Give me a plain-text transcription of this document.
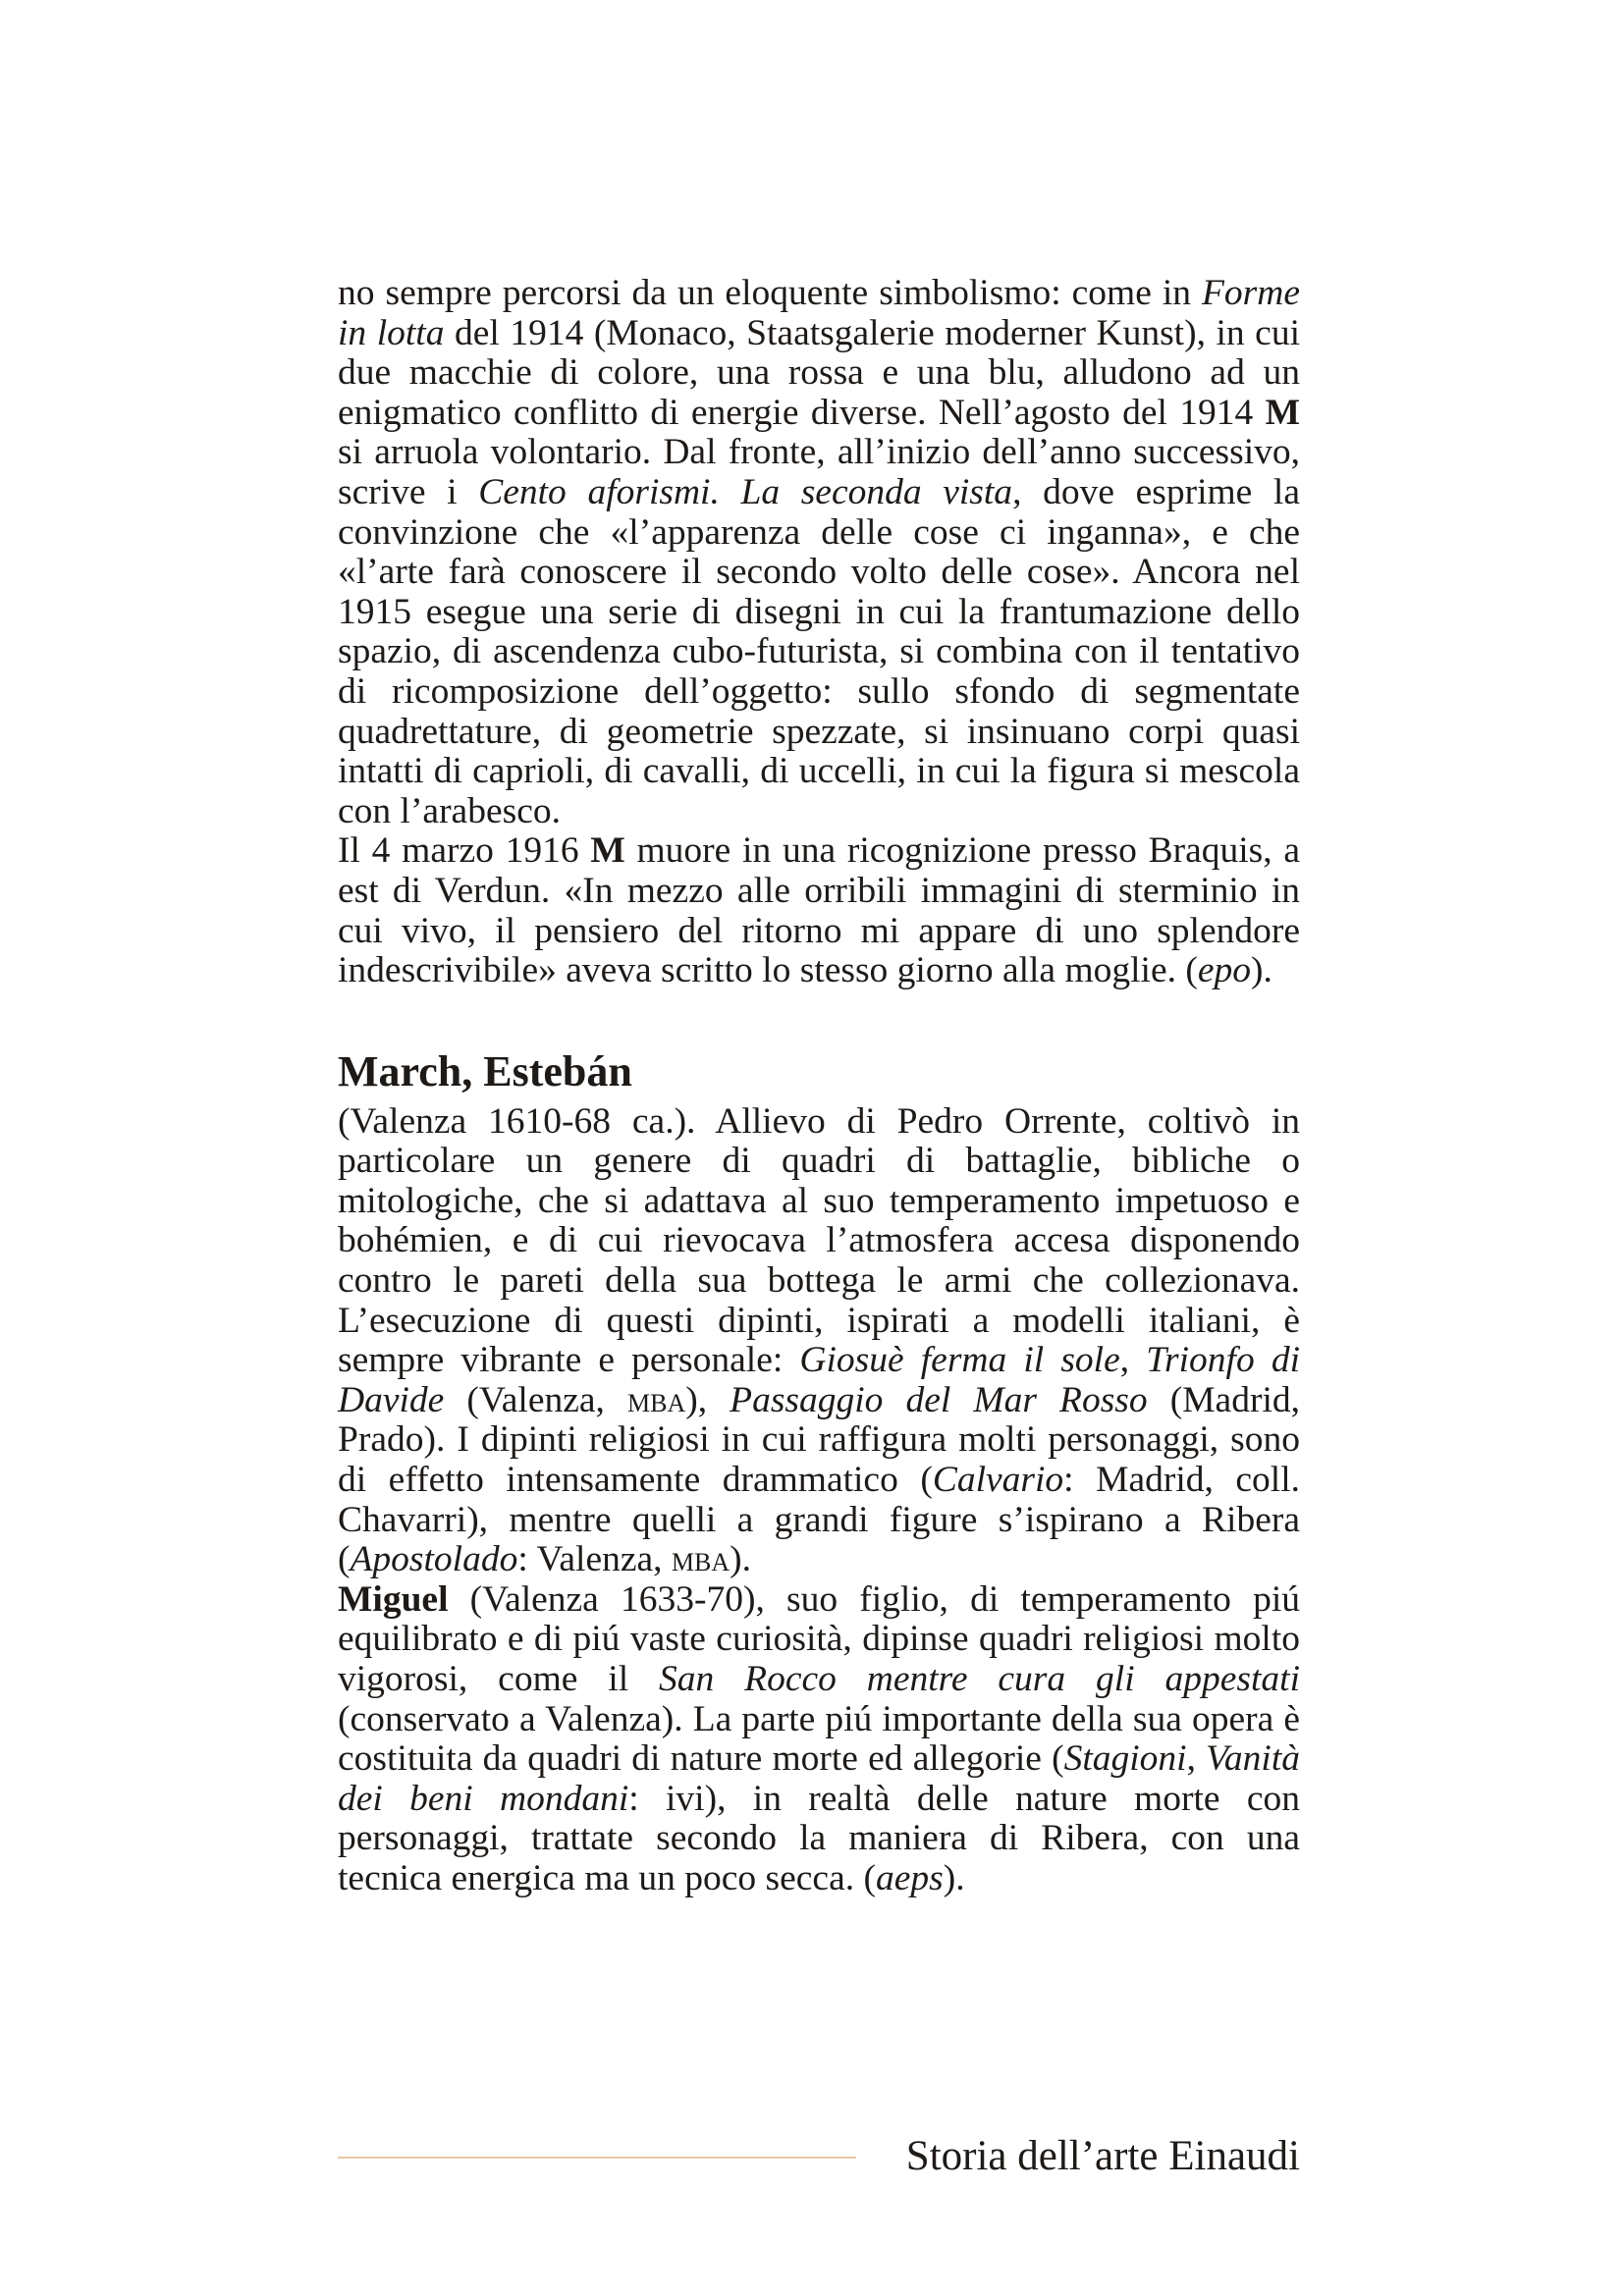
no sempre percorsi da un eloquente simbolismo: come in Forme in lotta del 1914 (Monaco, Staatsgalerie moderner Kunst), in cui due macchie di colore, una rossa e una blu, alludono ad un enigmatico conflitto di energie diverse. Nell’agosto del 1914 M si arruola volontario. Dal fronte, all’inizio dell’anno successivo, scrive i Cento aforismi. La seconda vista, dove esprime la convinzione che «l’apparenza delle cose ci inganna», e che «l’arte farà conoscere il secondo volto delle cose». Ancora nel 1915 esegue una serie di disegni in cui la frantumazione dello spazio, di ascendenza cubo-futurista, si combina con il tentativo di ricomposizione dell’oggetto: sullo sfondo di segmentate quadrettature, di geometrie spezzate, si insinuano corpi quasi intatti di caprioli, di cavalli, di uccelli, in cui la figura si mescola con l’arabesco.

Il 4 marzo 1916 M muore in una ricognizione presso Braquis, a est di Verdun. «In mezzo alle orribili immagini di sterminio in cui vivo, il pensiero del ritorno mi appare di uno splendore indescrivibile» aveva scritto lo stesso giorno alla moglie. (epo).

March, Estebán

(Valenza 1610-68 ca.). Allievo di Pedro Orrente, coltivò in particolare un genere di quadri di battaglie, bibliche o mitologiche, che si adattava al suo temperamento impetuoso e bohémien, e di cui rievocava l’atmosfera accesa disponendo contro le pareti della sua bottega le armi che collezionava. L’esecuzione di questi dipinti, ispirati a modelli italiani, è sempre vibrante e personale: Giosuè ferma il sole, Trionfo di Davide (Valenza, mba), Passaggio del Mar Rosso (Madrid, Prado). I dipinti religiosi in cui raffigura molti personaggi, sono di effetto intensamente drammatico (Calvario: Madrid, coll. Chavarri), mentre quelli a grandi figure s’ispirano a Ribera (Apostolado: Valenza, mba).

Miguel (Valenza 1633-70), suo figlio, di temperamento piú equilibrato e di piú vaste curiosità, dipinse quadri religiosi molto vigorosi, come il San Rocco mentre cura gli appestati (conservato a Valenza). La parte piú importante della sua opera è costituita da quadri di nature morte ed allegorie (Stagioni, Vanità dei beni mondani: ivi), in realtà delle nature morte con personaggi, trattate secondo la maniera di Ribera, con una tecnica energica ma un poco secca. (aeps).

Storia dell’arte Einaudi
